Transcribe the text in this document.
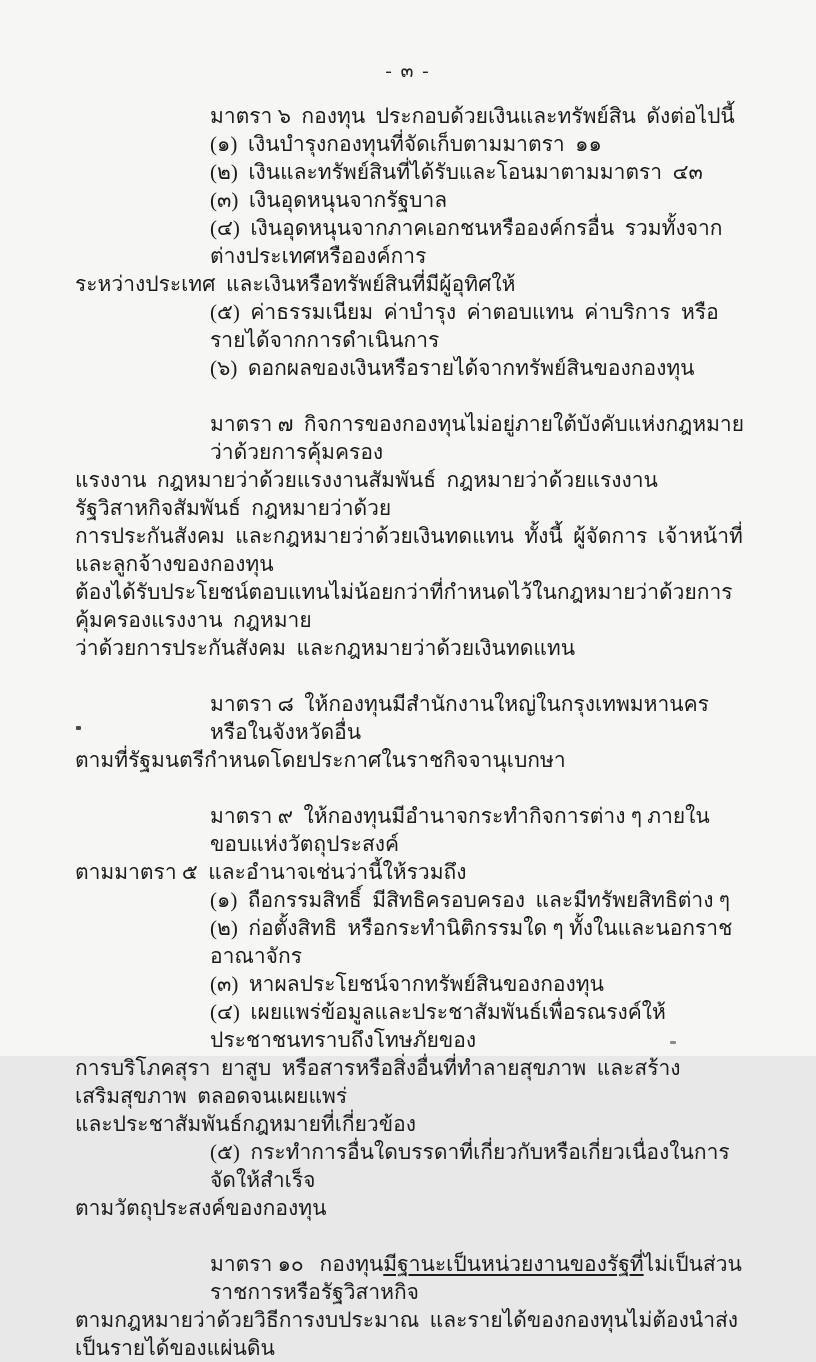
- ๓ -
มาตรา ๖  กองทุน  ประกอบด้วยเงินและทรัพย์สิน  ดังต่อไปนี้
(๑)  เงินบำรุงกองทุนที่จัดเก็บตามมาตรา  ๑๑
(๒)  เงินและทรัพย์สินที่ได้รับและโอนมาตามมาตรา  ๔๓
(๓)  เงินอุดหนุนจากรัฐบาล
(๔)  เงินอุดหนุนจากภาคเอกชนหรือองค์กรอื่น  รวมทั้งจากต่างประเทศหรือองค์การ
ระหว่างประเทศ  และเงินหรือทรัพย์สินที่มีผู้อุทิศให้
(๕)  ค่าธรรมเนียม  ค่าบำรุง  ค่าตอบแทน  ค่าบริการ  หรือรายได้จากการดำเนินการ
(๖)  ดอกผลของเงินหรือรายได้จากทรัพย์สินของกองทุน
มาตรา ๗  กิจการของกองทุนไม่อยู่ภายใต้บังคับแห่งกฎหมายว่าด้วยการคุ้มครอง
แรงงาน  กฎหมายว่าด้วยแรงงานสัมพันธ์  กฎหมายว่าด้วยแรงงานรัฐวิสาหกิจสัมพันธ์  กฎหมายว่าด้วย
การประกันสังคม  และกฎหมายว่าด้วยเงินทดแทน  ทั้งนี้  ผู้จัดการ  เจ้าหน้าที่  และลูกจ้างของกองทุน
ต้องได้รับประโยชน์ตอบแทนไม่น้อยกว่าที่กำหนดไว้ในกฎหมายว่าด้วยการคุ้มครองแรงงาน  กฎหมาย
ว่าด้วยการประกันสังคม  และกฎหมายว่าด้วยเงินทดแทน
มาตรา ๘  ให้กองทุนมีสำนักงานใหญ่ในกรุงเทพมหานคร  หรือในจังหวัดอื่น
ตามที่รัฐมนตรีกำหนดโดยประกาศในราชกิจจานุเบกษา
มาตรา ๙  ให้กองทุนมีอำนาจกระทำกิจการต่าง ๆ ภายในขอบแห่งวัตถุประสงค์
ตามมาตรา ๕  และอำนาจเช่นว่านี้ให้รวมถึง
(๑)  ถือกรรมสิทธิ์  มีสิทธิครอบครอง  และมีทรัพยสิทธิต่าง ๆ
(๒)  ก่อตั้งสิทธิ  หรือกระทำนิติกรรมใด ๆ ทั้งในและนอกราชอาณาจักร
(๓)  หาผลประโยชน์จากทรัพย์สินของกองทุน
(๔)  เผยแพร่ข้อมูลและประชาสัมพันธ์เพื่อรณรงค์ให้ประชาชนทราบถึงโทษภัยของ
การบริโภคสุรา  ยาสูบ  หรือสารหรือสิ่งอื่นที่ทำลายสุขภาพ  และสร้างเสริมสุขภาพ  ตลอดจนเผยแพร่
และประชาสัมพันธ์กฎหมายที่เกี่ยวข้อง
(๕)  กระทำการอื่นใดบรรดาที่เกี่ยวกับหรือเกี่ยวเนื่องในการจัดให้สำเร็จ
ตามวัตถุประสงค์ของกองทุน
มาตรา ๑๐   กองทุนมีฐานะเป็นหน่วยงานของรัฐที่ไม่เป็นส่วนราชการหรือรัฐวิสาหกิจ
ตามกฎหมายว่าด้วยวิธีการงบประมาณ  และรายได้ของกองทุนไม่ต้องนำส่งเป็นรายได้ของแผ่นดิน
